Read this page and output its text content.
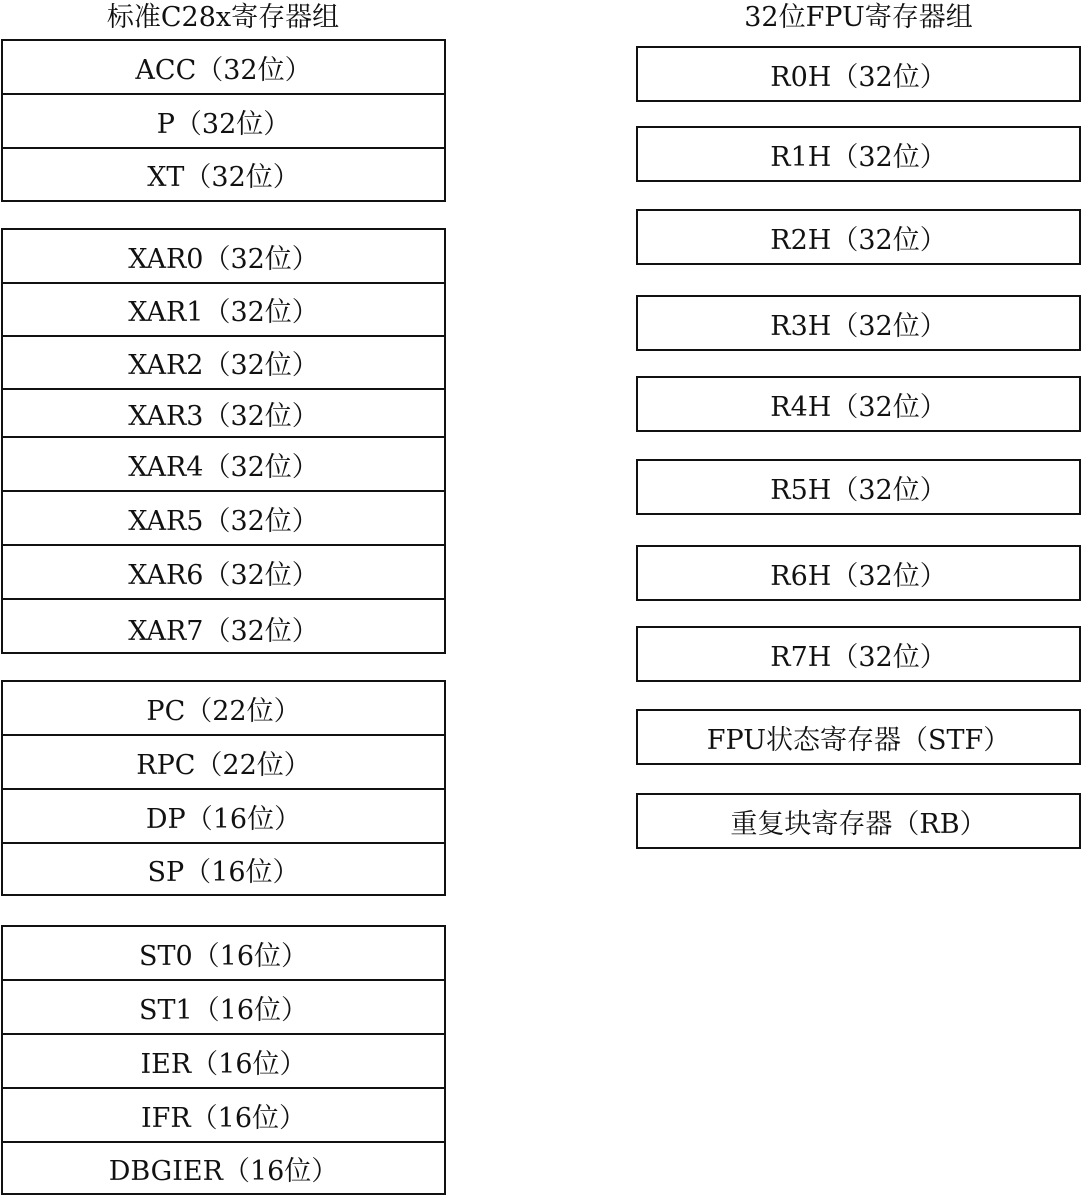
标准C28x寄存器组	32位FPU寄存器组
ACC（32位）
P（32位）
XT（32位）
XAR0（32位）
XAR1（32位）
XAR2（32位）
XAR3（32位）
XAR4（32位）
XAR5（32位）
XAR6（32位）
XAR7（32位）
PC（22位）
RPC（22位）
DP（16位）
SP（16位）
ST0（16位）
ST1（16位）
IER（16位）
IFR（16位）
DBGIER（16位）
R0H（32位）
R1H（32位）
R2H（32位）
R3H（32位）
R4H（32位）
R5H（32位）
R6H（32位）
R7H（32位）
FPU状态寄存器（STF）
重复块寄存器（RB）
